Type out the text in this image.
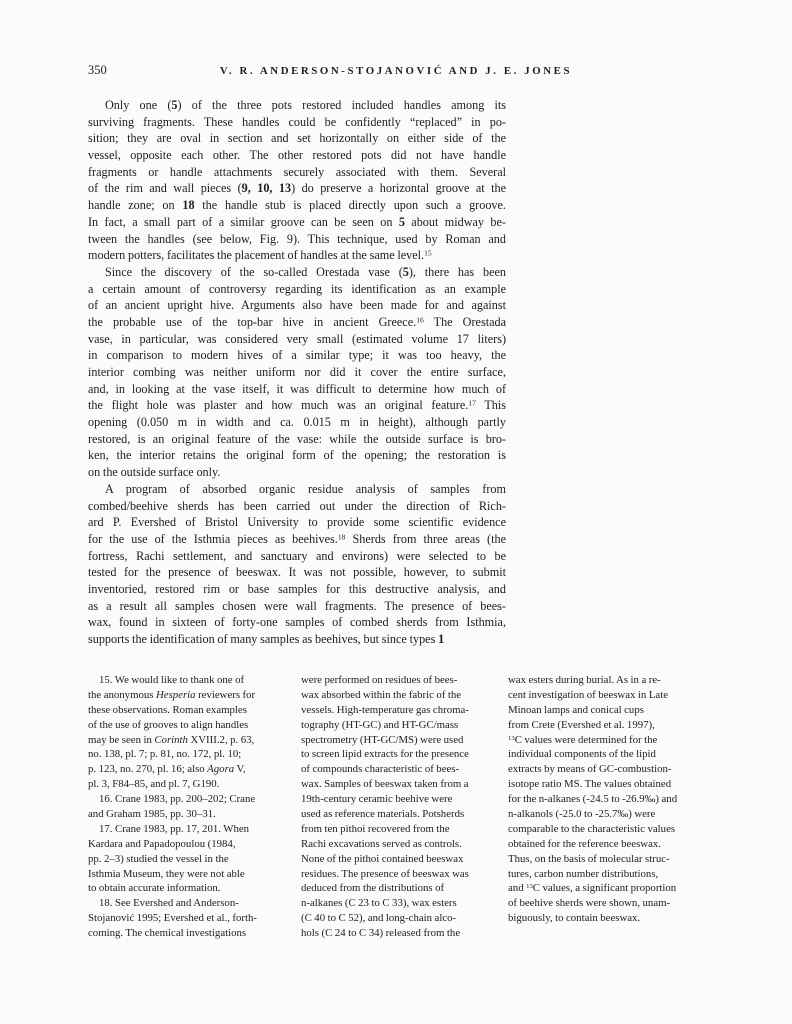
350	V. R. ANDERSON-STOJANOVIĆ AND J. E. JONES
Only one (5) of the three pots restored included handles among its
surviving fragments. These handles could be confidently “replaced” in po-
sition; they are oval in section and set horizontally on either side of the
vessel, opposite each other. The other restored pots did not have handle
fragments or handle attachments securely associated with them. Several
of the rim and wall pieces (9, 10, 13) do preserve a horizontal groove at the
handle zone; on 18 the handle stub is placed directly upon such a groove.
In fact, a small part of a similar groove can be seen on 5 about midway be-
tween the handles (see below, Fig. 9). This technique, used by Roman and
modern potters, facilitates the placement of handles at the same level.$^{15}$
Since the discovery of the so-called Orestada vase (5), there has been
a certain amount of controversy regarding its identification as an example
of an ancient upright hive. Arguments also have been made for and against
the probable use of the top-bar hive in ancient Greece.$^{16}$ The Orestada
vase, in particular, was considered very small (estimated volume 17 liters)
in comparison to modern hives of a similar type; it was too heavy, the
interior combing was neither uniform nor did it cover the entire surface,
and, in looking at the vase itself, it was difficult to determine how much of
the flight hole was plaster and how much was an original feature.$^{17}$ This
opening (0.050 m in width and ca. 0.015 m in height), although partly
restored, is an original feature of the vase: while the outside surface is bro-
ken, the interior retains the original form of the opening; the restoration is
on the outside surface only.
A program of absorbed organic residue analysis of samples from
combed/beehive sherds has been carried out under the direction of Rich-
ard P. Evershed of Bristol University to provide some scientific evidence
for the use of the Isthmia pieces as beehives.$^{18}$ Sherds from three areas (the
fortress, Rachi settlement, and sanctuary and environs) were selected to be
tested for the presence of beeswax. It was not possible, however, to submit
inventoried, restored rim or base samples for this destructive analysis, and
as a result all samples chosen were wall fragments. The presence of bees-
wax, found in sixteen of forty-one samples of combed sherds from Isthmia,
supports the identification of many samples as beehives, but since types 1
15. We would like to thank one of
the anonymous Hesperia reviewers for
these observations. Roman examples
of the use of grooves to align handles
may be seen in Corinth XVIII.2, p. 63,
no. 138, pl. 7; p. 81, no. 172, pl. 10;
p. 123, no. 270, pl. 16; also Agora V,
pl. 3, F84–85, and pl. 7, G190.
16. Crane 1983, pp. 200–202; Crane
and Graham 1985, pp. 30–31.
17. Crane 1983, pp. 17, 201. When
Kardara and Papadopoulou (1984,
pp. 2–3) studied the vessel in the
Isthmia Museum, they were not able
to obtain accurate information.
18. See Evershed and Anderson-
Stojanović 1995; Evershed et al., forth-
coming. The chemical investigations
were performed on residues of bees-
wax absorbed within the fabric of the
vessels. High-temperature gas chroma-
tography (HT-GC) and HT-GC/mass
spectrometry (HT-GC/MS) were used
to screen lipid extracts for the presence
of compounds characteristic of bees-
wax. Samples of beeswax taken from a
19th-century ceramic beehive were
used as reference materials. Potsherds
from ten pithoi recovered from the
Rachi excavations served as controls.
None of the pithoi contained beeswax
residues. The presence of beeswax was
deduced from the distributions of
n-alkanes (C 23 to C 33), wax esters
(C 40 to C 52), and long-chain alco-
hols (C 24 to C 34) released from the
wax esters during burial. As in a re-
cent investigation of beeswax in Late
Minoan lamps and conical cups
from Crete (Evershed et al. 1997),
$^{13}$C values were determined for the
individual components of the lipid
extracts by means of GC-combustion-
isotope ratio MS. The values obtained
for the n-alkanes (-24.5 to -26.9‰) and
n-alkanols (-25.0 to -25.7‰) were
comparable to the characteristic values
obtained for the reference beeswax.
Thus, on the basis of molecular struc-
tures, carbon number distributions,
and $^{13}$C values, a significant proportion
of beehive sherds were shown, unam-
biguously, to contain beeswax.
